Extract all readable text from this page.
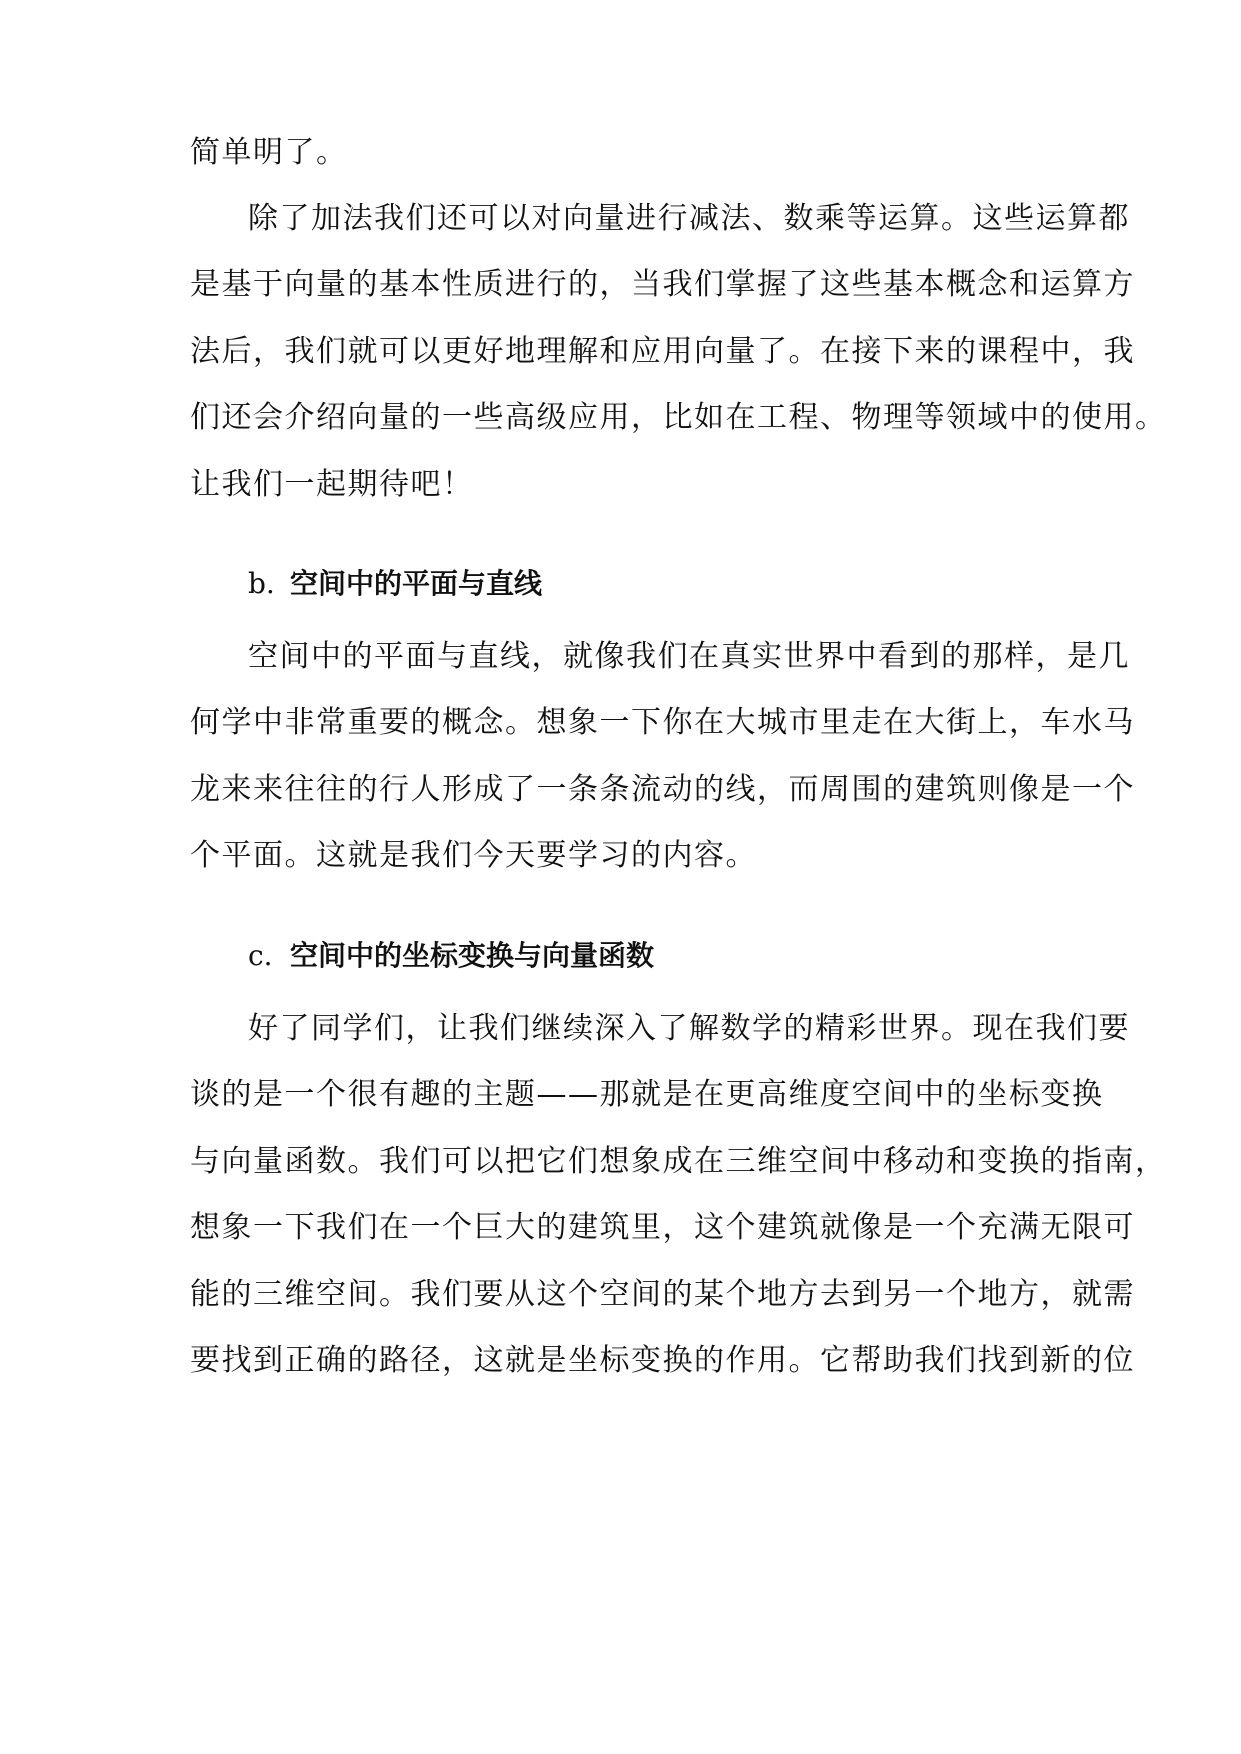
简单明了。
除了加法我们还可以对向量进行减法、数乘等运算。这些运算都
是基于向量的基本性质进行的，当我们掌握了这些基本概念和运算方
法后，我们就可以更好地理解和应用向量了。在接下来的课程中，我
们还会介绍向量的一些高级应用，比如在工程、物理等领域中的使用。
让我们一起期待吧！
b. 空间中的平面与直线
空间中的平面与直线，就像我们在真实世界中看到的那样，是几
何学中非常重要的概念。想象一下你在大城市里走在大街上，车水马
龙来来往往的行人形成了一条条流动的线，而周围的建筑则像是一个
个平面。这就是我们今天要学习的内容。
c. 空间中的坐标变换与向量函数
好了同学们，让我们继续深入了解数学的精彩世界。现在我们要
谈的是一个很有趣的主题——那就是在更高维度空间中的坐标变换
与向量函数。我们可以把它们想象成在三维空间中移动和变换的指南，
想象一下我们在一个巨大的建筑里，这个建筑就像是一个充满无限可
能的三维空间。我们要从这个空间的某个地方去到另一个地方，就需
要找到正确的路径，这就是坐标变换的作用。它帮助我们找到新的位
